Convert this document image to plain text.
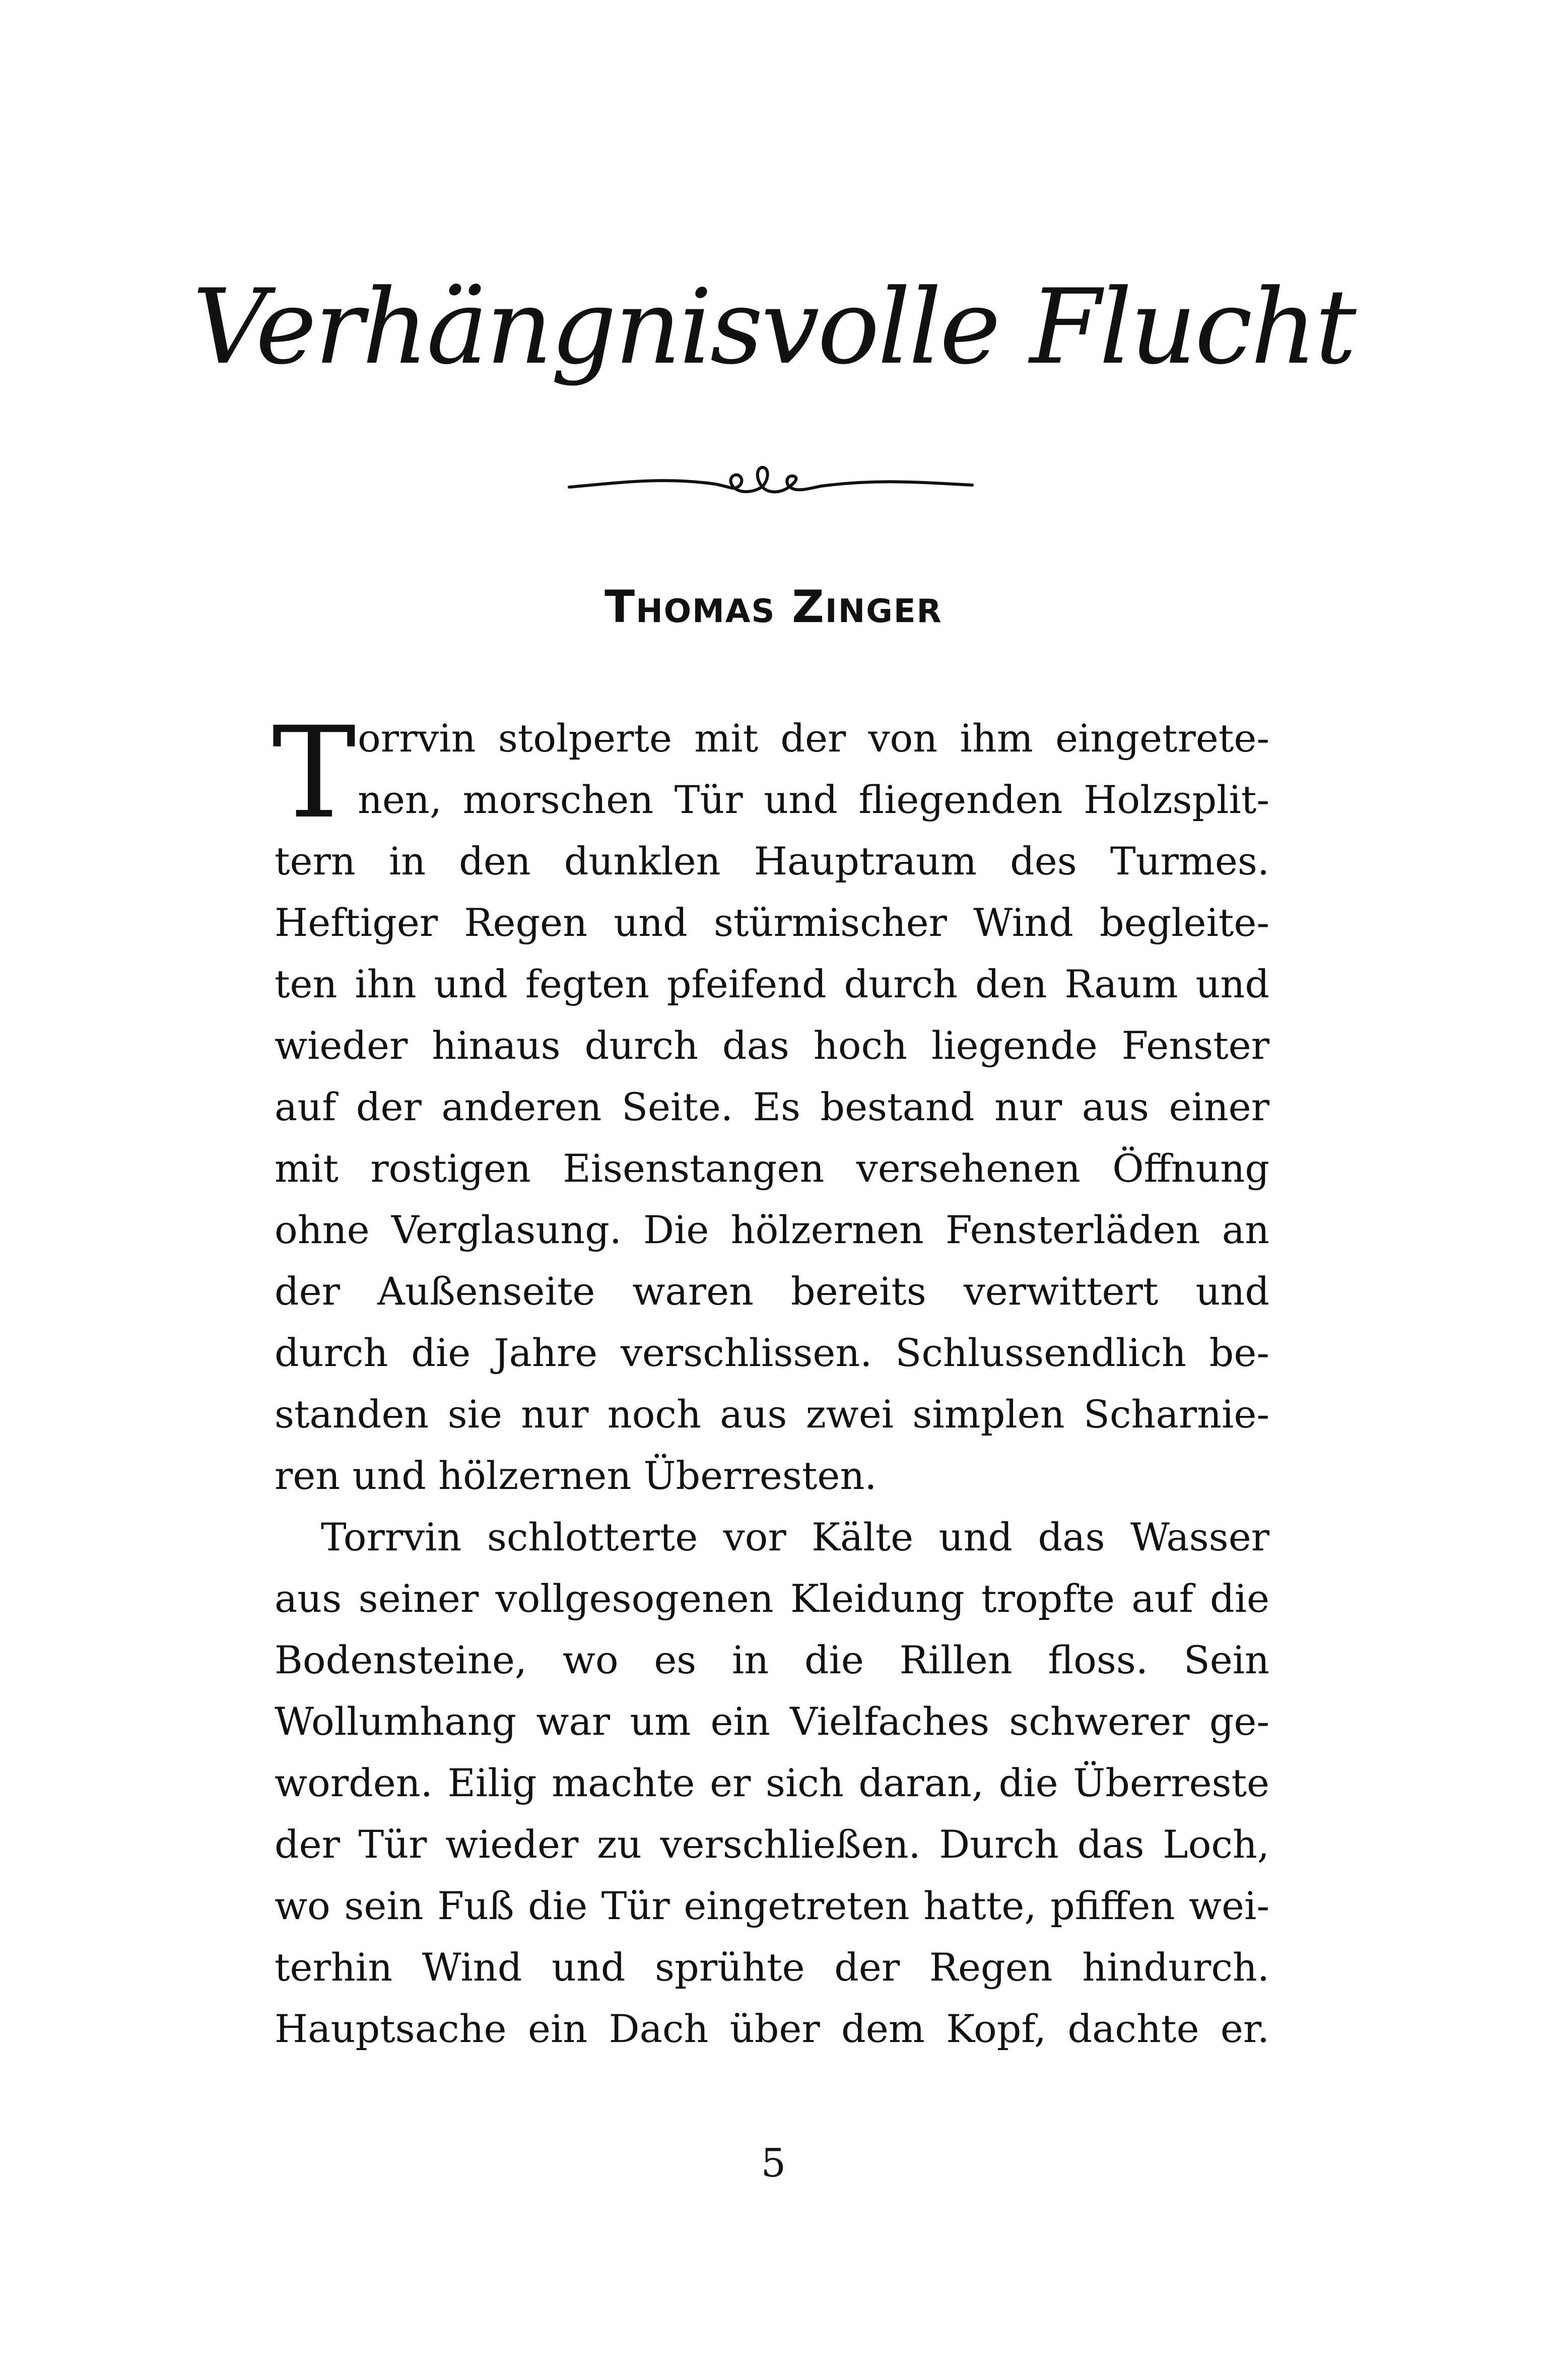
Verhängnisvolle Flucht
THOMAS ZINGER
T orrvin stolperte mit der von ihm eingetrete-
nen, morschen Tür und fliegenden Holzsplit-
tern in den dunklen Hauptraum des Turmes.
Heftiger Regen und stürmischer Wind begleite-
ten ihn und fegten pfeifend durch den Raum und
wieder hinaus durch das hoch liegende Fenster
auf der anderen Seite. Es bestand nur aus einer
mit rostigen Eisenstangen versehenen Öffnung
ohne Verglasung. Die hölzernen Fensterläden an
der Außenseite waren bereits verwittert und
durch die Jahre verschlissen. Schlussendlich be-
standen sie nur noch aus zwei simplen Scharnie-
ren und hölzernen Überresten.
Torrvin schlotterte vor Kälte und das Wasser
aus seiner vollgesogenen Kleidung tropfte auf die
Bodensteine, wo es in die Rillen floss. Sein
Wollumhang war um ein Vielfaches schwerer ge-
worden. Eilig machte er sich daran, die Überreste
der Tür wieder zu verschließen. Durch das Loch,
wo sein Fuß die Tür eingetreten hatte, pfiffen wei-
terhin Wind und sprühte der Regen hindurch.
Hauptsache ein Dach über dem Kopf, dachte er.
5
